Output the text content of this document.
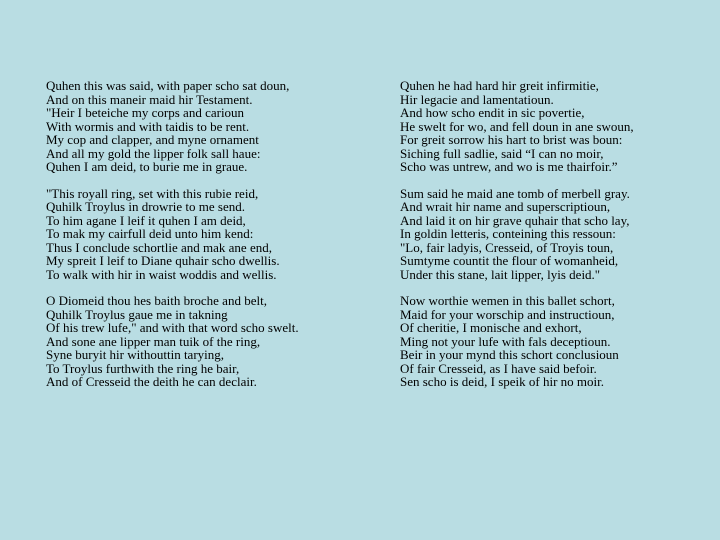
Quhen this was said, with paper scho sat doun,
And on this maneir maid hir Testament.
"Heir I beteiche my corps and carioun
With wormis and with taidis to be rent.
My cop and clapper, and myne ornament
And all my gold the lipper folk sall haue:
Quhen I am deid, to burie me in graue.
"This royall ring, set with this rubie reid,
Quhilk Troylus in drowrie to me send.
To him agane I leif it quhen I am deid,
To mak my cairfull deid unto him kend:
Thus I conclude schortlie and mak ane end,
My spreit I leif to Diane quhair scho dwellis.
To walk with hir in waist woddis and wellis.
O Diomeid thou hes baith broche and belt,
Quhilk Troylus gaue me in takning
Of his trew lufe," and with that word scho swelt.
And sone ane lipper man tuik of the ring,
Syne buryit hir withouttin tarying,
To Troylus furthwith the ring he bair,
And of Cresseid the deith he can declair.
Quhen he had hard hir greit infirmitie,
Hir legacie and lamentatioun.
And how scho endit in sic povertie,
He swelt for wo, and fell doun in ane swoun,
For greit sorrow his hart to brist was boun:
Siching full sadlie, said “I can no moir,
Scho was untrew, and wo is me thairfoir.”
Sum said he maid ane tomb of merbell gray.
And wrait hir name and superscriptioun,
And laid it on hir grave quhair that scho lay,
In goldin letteris, conteining this ressoun:
"Lo, fair ladyis, Cresseid, of Troyis toun,
Sumtyme countit the flour of womanheid,
Under this stane, lait lipper, lyis deid."
Now worthie wemen in this ballet schort,
Maid for your worschip and instructioun,
Of cheritie, I monische and exhort,
Ming not your lufe with fals deceptioun.
Beir in your mynd this schort conclusioun
Of fair Cresseid, as I have said befoir.
Sen scho is deid, I speik of hir no moir.
